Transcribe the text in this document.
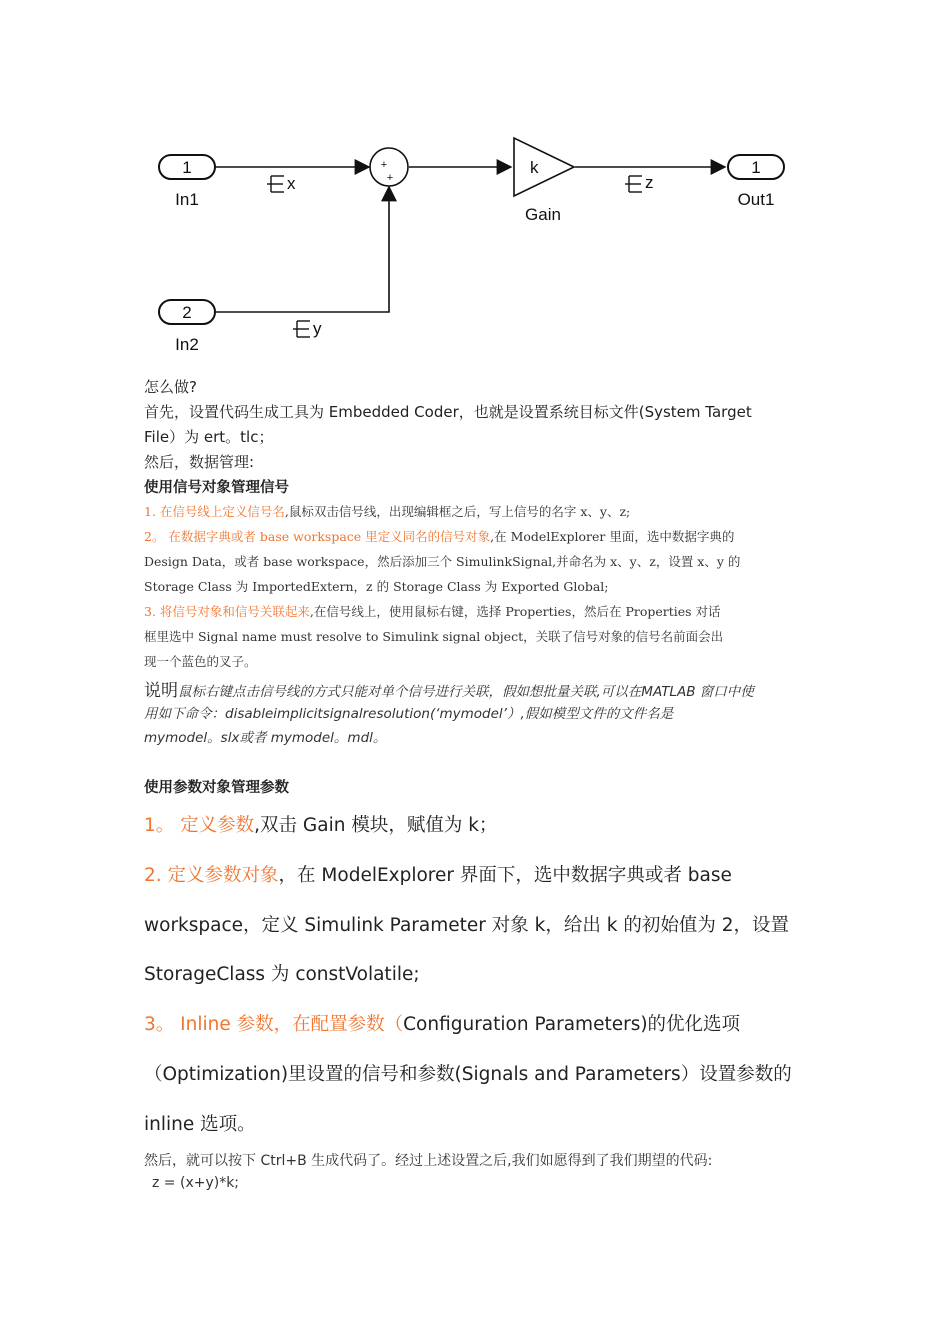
1
In1
2
In2
+
+
k
Gain
1
Out1
x
y
z
怎么做?
首先，设置代码生成工具为 Embedded Coder，也就是设置系统目标文件(System Target
File）为 ert。tlc；
然后，数据管理:
使用信号对象管理信号
1. 在信号线上定义信号名,鼠标双击信号线，出现编辑框之后，写上信号的名字 x、y、z;
2。 在数据字典或者 base workspace 里定义同名的信号对象,在 ModelExplorer 里面，选中数据字典的
Design Data，或者 base workspace，然后添加三个 SimulinkSignal,并命名为 x、y、z，设置 x、y 的
Storage Class 为 ImportedExtern，z 的 Storage Class 为 Exported Global;
3. 将信号对象和信号关联起来,在信号线上，使用鼠标右键，选择 Properties，然后在 Properties 对话
框里选中 Signal name must resolve to Simulink signal object，关联了信号对象的信号名前面会出
现一个蓝色的叉子。
说明鼠标右键点击信号线的方式只能对单个信号进行关联，假如想批量关联,可以在MATLAB 窗口中使
用如下命令：disableimplicitsignalresolution(‘mymodel’）,假如模型文件的文件名是
mymodel。slx或者 mymodel。mdl。
使用参数对象管理参数
1。 定义参数,双击 Gain 模块，赋值为 k；
2. 定义参数对象，在 ModelExplorer 界面下，选中数据字典或者 base
workspace，定义 Simulink Parameter 对象 k，给出 k 的初始值为 2，设置
StorageClass 为 constVolatile;
3。 Inline 参数，在配置参数（Configuration Parameters)的优化选项
（Optimization)里设置的信号和参数(Signals and Parameters）设置参数的
inline 选项。
然后，就可以按下 Ctrl+B 生成代码了。经过上述设置之后,我们如愿得到了我们期望的代码:
z = (x+y)*k;
